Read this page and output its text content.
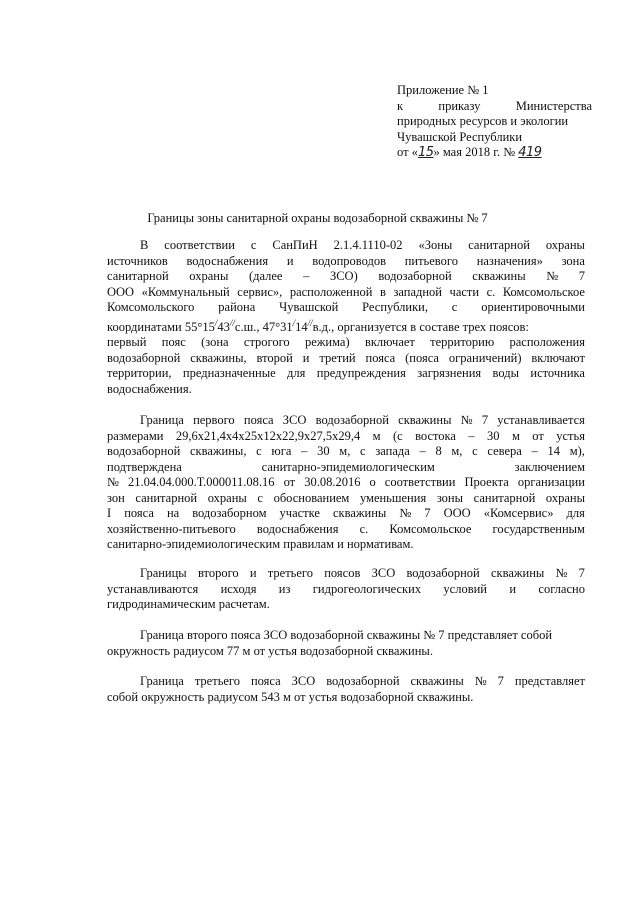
Приложение № 1
к	приказу	Министерства
природных ресурсов и экологии
Чувашской Республики
от «15» мая 2018 г. № 419
Границы зоны санитарной охраны водозаборной скважины № 7
В соответствии с СанПиН 2.1.4.1110-02 «Зоны санитарной охраны
источников водоснабжения и водопроводов питьевого назначения» зона
санитарной охраны (далее – ЗСО) водозаборной скважины № 7
ООО «Коммунальный сервис», расположенной в западной части с. Комсомольское
Комсомольского района Чувашской Республики, с ориентировочными
координатами 55°15/43//с.ш., 47°31/14//в.д., организуется в составе трех поясов:
первый пояс (зона строгого режима) включает территорию расположения
водозаборной скважины, второй и третий пояса (пояса ограничений) включают
территории, предназначенные для предупреждения загрязнения воды источника
водоснабжения.
Граница первого пояса ЗСО водозаборной скважины № 7 устанавливается
размерами 29,6х21,4х4х25х12х22,9х27,5х29,4 м (с востока – 30 м от устья
водозаборной скважины, с юга – 30 м, с запада – 8 м, с севера – 14 м),
подтверждена	санитарно-эпидемиологическим	заключением
№ 21.04.04.000.Т.000011.08.16 от 30.08.2016 о соответствии Проекта организации
зон санитарной охраны с обоснованием уменьшения зоны санитарной охраны
I пояса на водозаборном участке скважины № 7 ООО «Комсервис» для
хозяйственно-питьевого водоснабжения с. Комсомольское государственным
санитарно-эпидемиологическим правилам и нормативам.
Границы второго и третьего поясов ЗСО водозаборной скважины № 7
устанавливаются исходя из гидрогеологических условий и согласно
гидродинамическим расчетам.
Граница второго пояса ЗСО водозаборной скважины № 7 представляет собой
окружность радиусом 77 м от устья водозаборной скважины.
Граница третьего пояса ЗСО водозаборной скважины № 7 представляет
собой окружность радиусом 543 м от устья водозаборной скважины.
